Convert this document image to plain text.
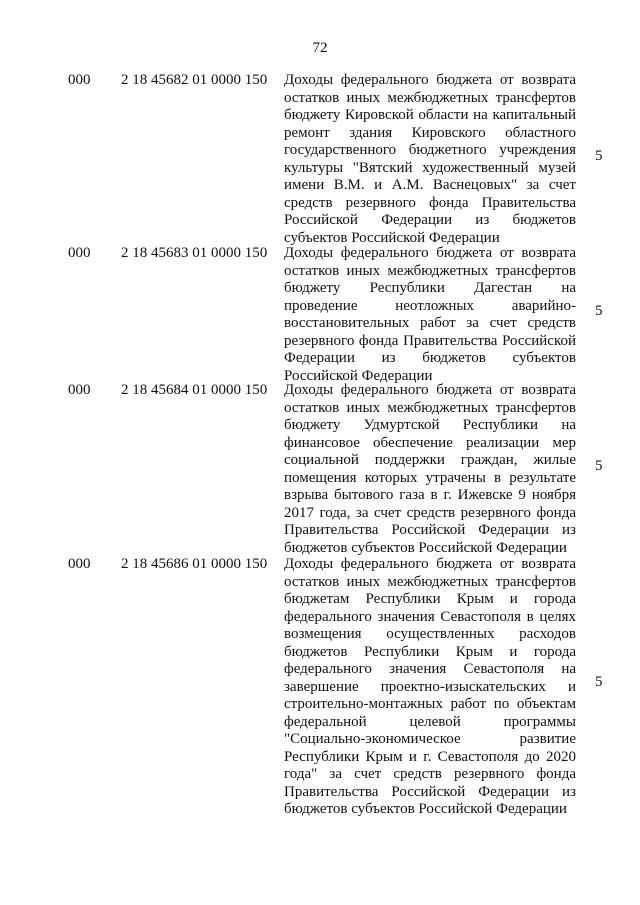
72
000 2 18 45682 01 0000 150 Доходы федерального бюджета от возврата
остатков иных межбюджетных трансфертов
бюджету Кировской области на капитальный
ремонт здания Кировского областного
государственного бюджетного учреждения
культуры "Вятский художественный музей
имени В.М. и А.М. Васнецовых" за счет
средств резервного фонда Правительства
Российской Федерации из бюджетов
субъектов Российской Федерации
5
000 2 18 45683 01 0000 150 Доходы федерального бюджета от возврата
остатков иных межбюджетных трансфертов
бюджету Республики Дагестан на
проведение неотложных аварийно-
восстановительных работ за счет средств
резервного фонда Правительства Российской
Федерации из бюджетов субъектов
Российской Федерации
5
000 2 18 45684 01 0000 150 Доходы федерального бюджета от возврата
остатков иных межбюджетных трансфертов
бюджету Удмуртской Республики на
финансовое обеспечение реализации мер
социальной поддержки граждан, жилые
помещения которых утрачены в результате
взрыва бытового газа в г. Ижевске 9 ноября
2017 года, за счет средств резервного фонда
Правительства Российской Федерации из
бюджетов субъектов Российской Федерации
5
000 2 18 45686 01 0000 150 Доходы федерального бюджета от возврата
остатков иных межбюджетных трансфертов
бюджетам Республики Крым и города
федерального значения Севастополя в целях
возмещения осуществленных расходов
бюджетов Республики Крым и города
федерального значения Севастополя на
завершение проектно-изыскательских и
строительно-монтажных работ по объектам
федеральной целевой программы
"Социально-экономическое развитие
Республики Крым и г. Севастополя до 2020
года" за счет средств резервного фонда
Правительства Российской Федерации из
бюджетов субъектов Российской Федерации
5
